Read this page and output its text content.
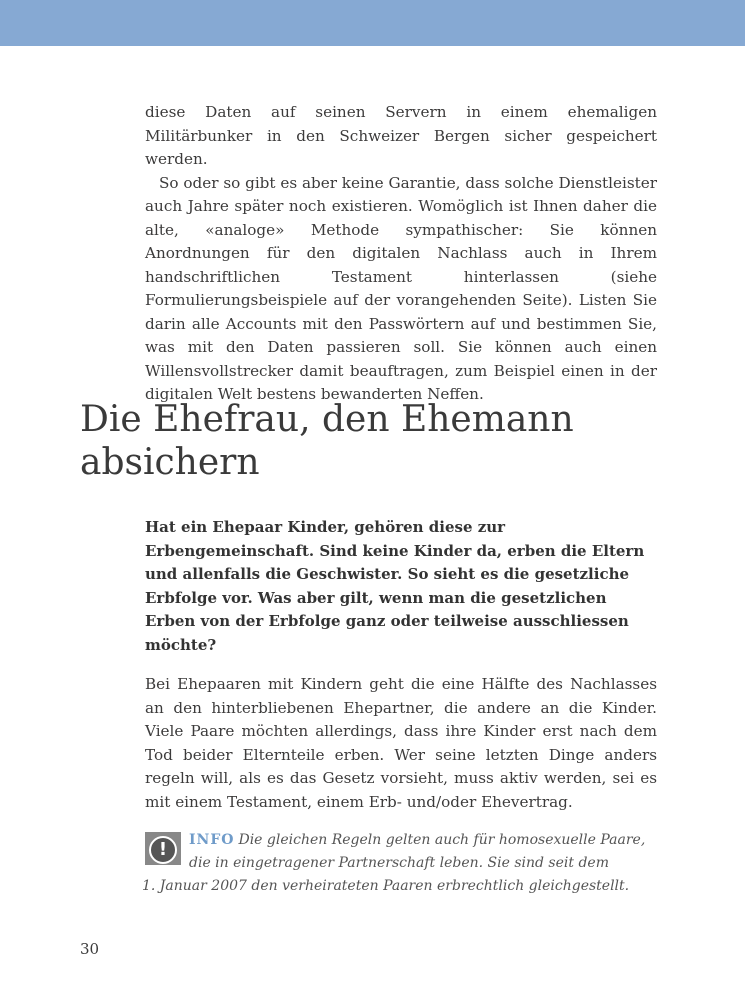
diese Daten auf seinen Servern in einem ehemaligen Militärbunker in den Schweizer Bergen sicher gespeichert werden.

So oder so gibt es aber keine Garantie, dass solche Dienstleister auch Jahre später noch existieren. Womöglich ist Ihnen daher die alte, «analoge» Methode sympathischer: Sie können Anordnungen für den digitalen Nachlass auch in Ihrem handschriftlichen Testament hinterlassen (siehe Formulierungsbeispiele auf der vorangehenden Seite). Listen Sie darin alle Accounts mit den Passwörtern auf und bestimmen Sie, was mit den Daten passieren soll. Sie können auch einen Willensvollstrecker damit beauftragen, zum Beispiel einen in der digitalen Welt bestens bewanderten Neffen.

Die Ehefrau, den Ehemann
absichern
Hat ein Ehepaar Kinder, gehören diese zur Erbengemeinschaft. Sind keine Kinder da, erben die Eltern und allenfalls die Geschwister. So sieht es die gesetzliche Erbfolge vor. Was aber gilt, wenn man die gesetzlichen Erben von der Erbfolge ganz oder teilweise ausschliessen möchte?
Bei Ehepaaren mit Kindern geht die eine Hälfte des Nachlasses an den hinterbliebenen Ehepartner, die andere an die Kinder. Viele Paare möchten allerdings, dass ihre Kinder erst nach dem Tod beider Elternteile erben. Wer seine letzten Dinge anders regeln will, als es das Gesetz vorsieht, muss aktiv werden, sei es mit einem Testament, einem Erb- und/oder Ehevertrag.
!	INFO Die gleichen Regeln gelten auch für homosexuelle Paare,
die in eingetragener Partnerschaft leben. Sie sind seit dem
1. Januar 2007 den verheirateten Paaren erbrechtlich gleichgestellt.
30
